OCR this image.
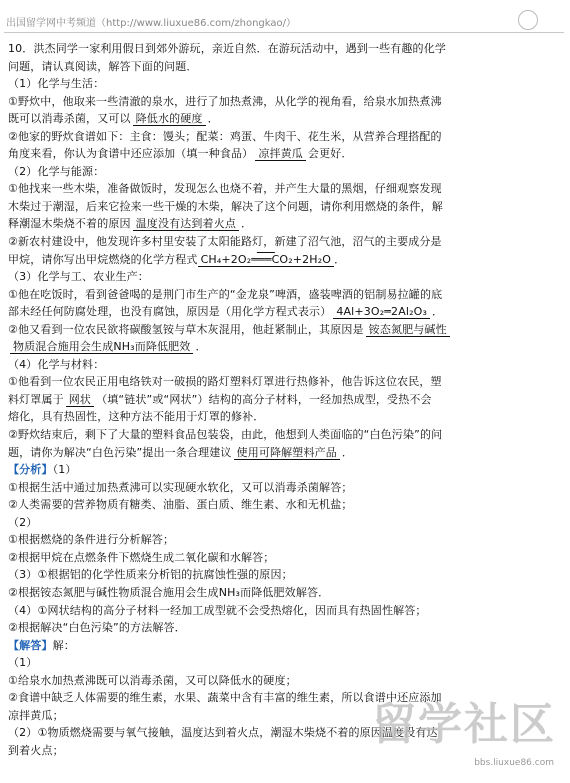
出国留学网中考频道（http://www.liuxue86.com/zhongkao/）
10．洪杰同学一家利用假日到郊外游玩，亲近自然．在游玩活动中，遇到一些有趣的化学
问题，请认真阅读，解答下面的问题．
（1）化学与生活：
①野炊中，他取来一些清澈的泉水，进行了加热煮沸，从化学的视角看，给泉水加热煮沸
既可以消毒杀菌，又可以 降低水的硬度 ．
②他家的野炊食谱如下：主食：馒头；配菜：鸡蛋、牛肉干、花生米，从营养合理搭配的
角度来看，你认为食谱中还应添加（填一种食品） 凉拌黄瓜 会更好．
（2）化学与能源：
①他找来一些木柴，准备做饭时，发现怎么也烧不着，并产生大量的黑烟，仔细观察发现
木柴过于潮湿，后来它捡来一些干燥的木柴，解决了这个问题，请你利用燃烧的条件，解
释潮湿木柴烧不着的原因 温度没有达到着火点 ．
②新农村建设中，他发现许多村里安装了太阳能路灯，新建了沼气池，沼气的主要成分是
甲烷，请你写出甲烷燃烧的化学方程式 CH₄+2O₂═══CO₂+2H₂O ．
（3）化学与工、农业生产：
①他在吃饭时，看到爸爸喝的是荆门市生产的“金龙泉”啤酒，盛装啤酒的铝制易拉罐的底
部未经任何防腐处理，也没有腐蚀，原因是（用化学方程式表示） 4Al+3O₂═2Al₂O₃ ．
②他又看到一位农民欲将碳酸氢铵与草木灰混用，他赶紧制止，其原因是 铵态氮肥与碱性
物质混合施用会生成NH₃而降低肥效 ．
（4）化学与材料：
①他看到一位农民正用电络铁对一破损的路灯塑料灯罩进行热修补，他告诉这位农民，塑
料灯罩属于 网状 （填“链状”或“网状”）结构的高分子材料，一经加热成型，受热不会
熔化，具有热固性，这种方法不能用于灯罩的修补．
②野炊结束后，剩下了大量的塑料食品包装袋，由此，他想到人类面临的“白色污染”的问
题，请你为解决“白色污染”提出一条合理建议 使用可降解塑料产品 ．
【分析】（1）
①根据生活中通过加热煮沸可以实现硬水软化，又可以消毒杀菌解答；
②人类需要的营养物质有糖类、油脂、蛋白质、维生素、水和无机盐；
（2）
①根据燃烧的条件进行分析解答；
②根据甲烷在点燃条件下燃烧生成二氧化碳和水解答；
（3）①根据铝的化学性质来分析铝的抗腐蚀性强的原因；
②根据铵态氮肥与碱性物质混合施用会生成NH₃而降低肥效解答．
（4）①网状结构的高分子材料一经加工成型就不会受热熔化，因而具有热固性解答；
②根据解决“白色污染”的方法解答．
【解答】解：
（1）
①给泉水加热煮沸既可以消毒杀菌，又可以降低水的硬度；
②食谱中缺乏人体需要的维生素，水果、蔬菜中含有丰富的维生素，所以食谱中还应添加
凉拌黄瓜；
（2）①物质燃烧需要与氧气接触，温度达到着火点，潮湿木柴烧不着的原因温度没有达
到着火点；
留学社区
bbs.liuxue86.com
